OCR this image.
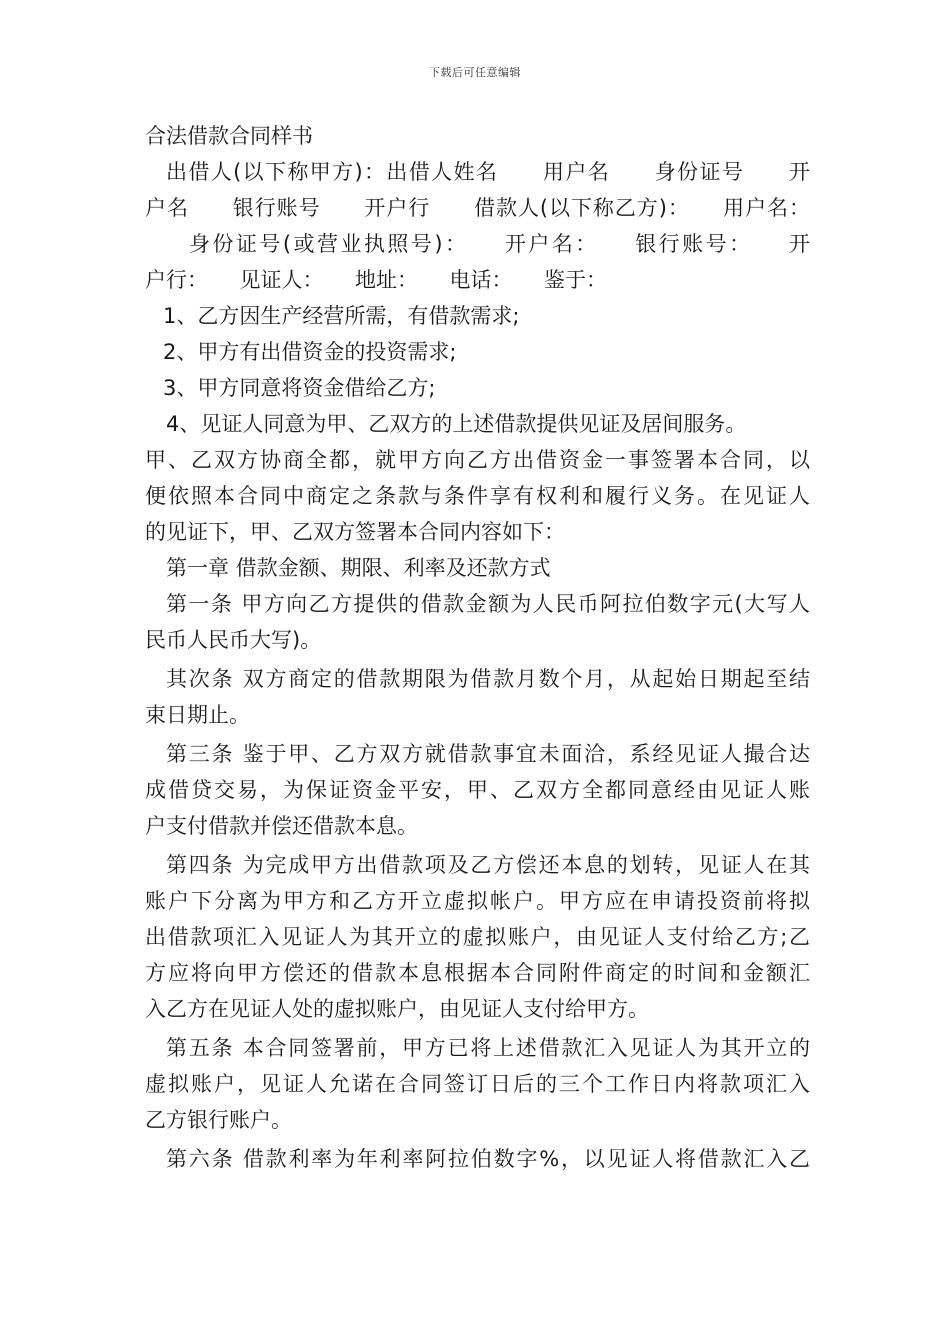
下载后可任意编辑
合法借款合同样书
出借人(以下称甲方)：出借人姓名　　用户名　　身份证号　　开
户名　　银行账号　　开户行　　借款人(以下称乙方)：　　用户名：
身份证号(或营业执照号)：　　开户名：　　银行账号：　　开
户行：　　见证人：　　地址：　　电话：　　鉴于：
1、乙方因生产经营所需，有借款需求;
2、甲方有出借资金的投资需求;
3、甲方同意将资金借给乙方;
4、见证人同意为甲、乙双方的上述借款提供见证及居间服务。
甲、乙双方协商全都，就甲方向乙方出借资金一事签署本合同，以
便依照本合同中商定之条款与条件享有权利和履行义务。在见证人
的见证下，甲、乙双方签署本合同内容如下：
第一章 借款金额、期限、利率及还款方式
第一条 甲方向乙方提供的借款金额为人民币阿拉伯数字元(大写人
民币人民币大写)。
其次条 双方商定的借款期限为借款月数个月，从起始日期起至结
束日期止。
第三条 鉴于甲、乙方双方就借款事宜未面洽，系经见证人撮合达
成借贷交易，为保证资金平安，甲、乙双方全都同意经由见证人账
户支付借款并偿还借款本息。
第四条 为完成甲方出借款项及乙方偿还本息的划转，见证人在其
账户下分离为甲方和乙方开立虚拟帐户。甲方应在申请投资前将拟
出借款项汇入见证人为其开立的虚拟账户，由见证人支付给乙方;乙
方应将向甲方偿还的借款本息根据本合同附件商定的时间和金额汇
入乙方在见证人处的虚拟账户，由见证人支付给甲方。
第五条 本合同签署前，甲方已将上述借款汇入见证人为其开立的
虚拟账户，见证人允诺在合同签订日后的三个工作日内将款项汇入
乙方银行账户。
第六条 借款利率为年利率阿拉伯数字%，以见证人将借款汇入乙
